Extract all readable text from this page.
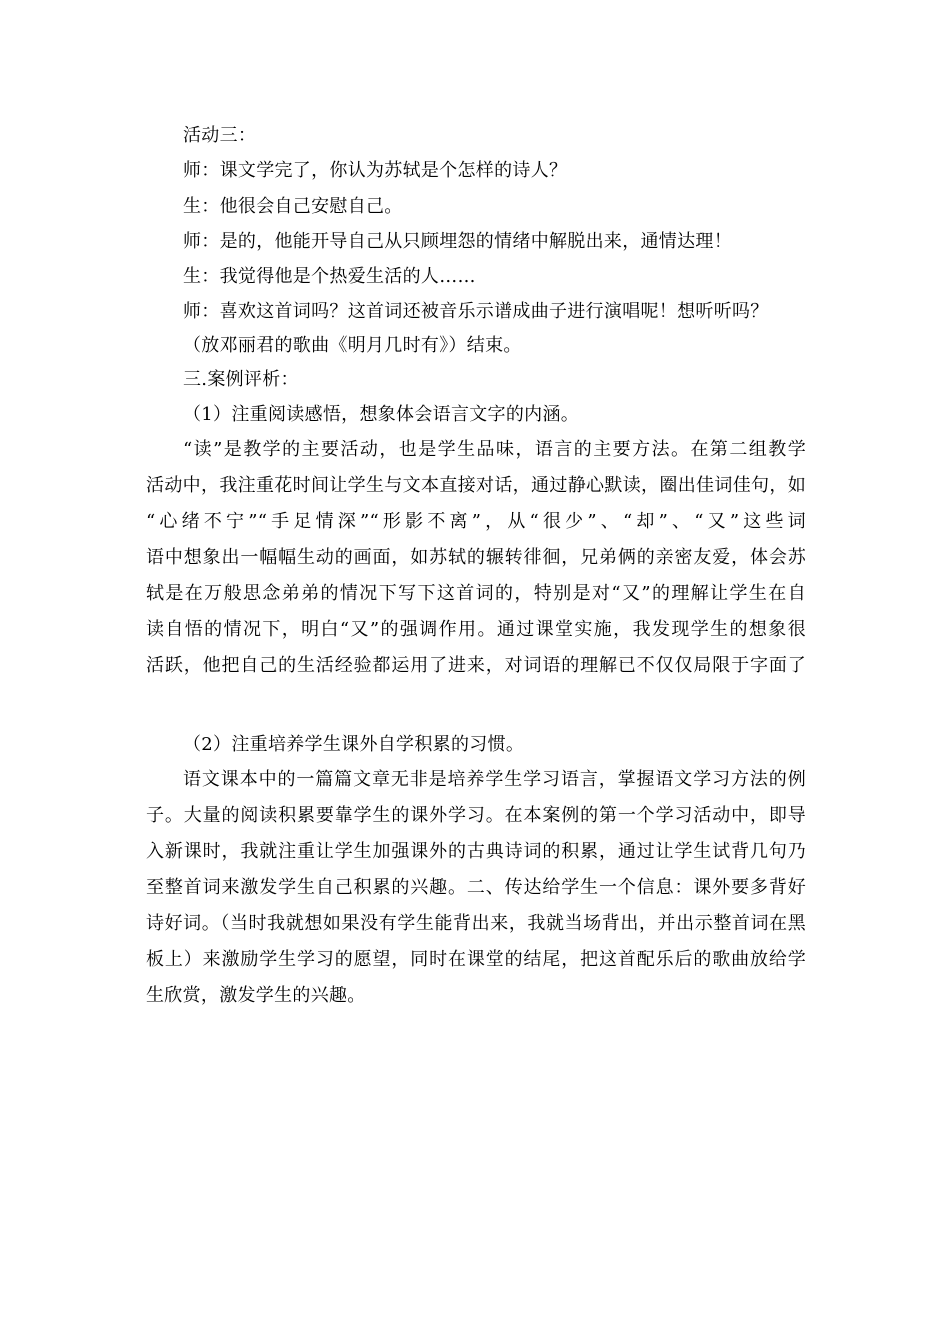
活动三：
师：课文学完了，你认为苏轼是个怎样的诗人？
生：他很会自己安慰自己。
师：是的，他能开导自己从只顾埋怨的情绪中解脱出来，通情达理！
生：我觉得他是个热爱生活的人……
师：喜欢这首词吗？这首词还被音乐示谱成曲子进行演唱呢！想听听吗？
（放邓丽君的歌曲《明月几时有》）结束。
三.案例评析：
（1）注重阅读感悟，想象体会语言文字的内涵。
“读”是教学的主要活动，也是学生品味，语言的主要方法。在第二组教学
活动中，我注重花时间让学生与文本直接对话，通过静心默读，圈出佳词佳句，如
“心绪不宁”“手足情深”“形影不离”，从“很少”、“却”、“又”这些词
语中想象出一幅幅生动的画面，如苏轼的辗转徘徊，兄弟俩的亲密友爱，体会苏
轼是在万般思念弟弟的情况下写下这首词的，特别是对“又”的理解让学生在自
读自悟的情况下，明白“又”的强调作用。通过课堂实施，我发现学生的想象很
活跃，他把自己的生活经验都运用了进来，对词语的理解已不仅仅局限于字面了
（2）注重培养学生课外自学积累的习惯。
语文课本中的一篇篇文章无非是培养学生学习语言，掌握语文学习方法的例
子。大量的阅读积累要靠学生的课外学习。在本案例的第一个学习活动中，即导
入新课时，我就注重让学生加强课外的古典诗词的积累，通过让学生试背几句乃
至整首词来激发学生自己积累的兴趣。二、传达给学生一个信息：课外要多背好
诗好词。（当时我就想如果没有学生能背出来，我就当场背出，并出示整首词在黑
板上）来激励学生学习的愿望，同时在课堂的结尾，把这首配乐后的歌曲放给学
生欣赏，激发学生的兴趣。
